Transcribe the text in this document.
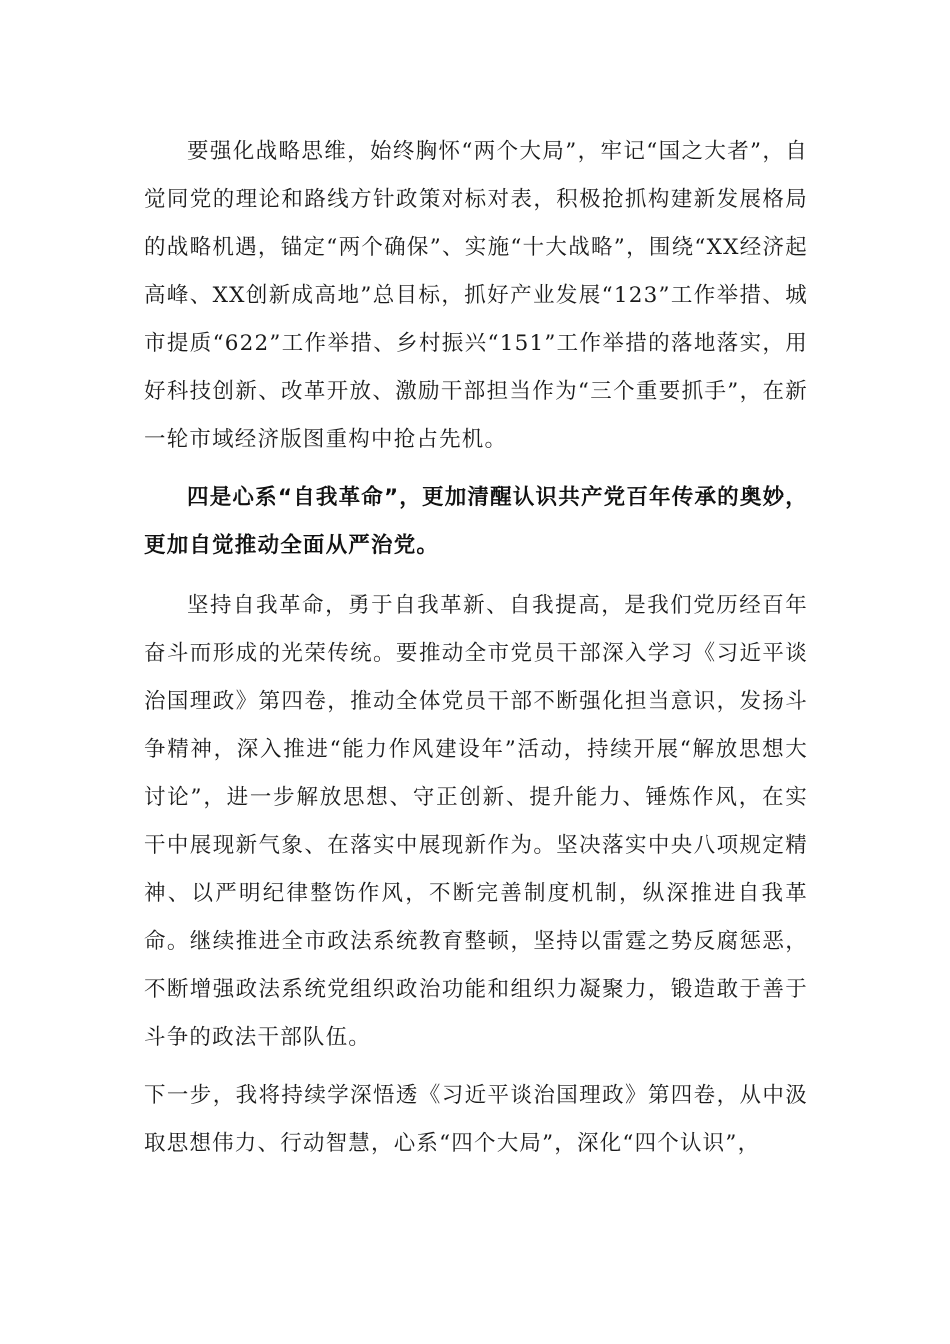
要强化战略思维，始终胸怀“两个大局”，牢记“国之大者”，自觉同党的理论和路线方针政策对标对表，积极抢抓构建新发展格局的战略机遇，锚定“两个确保”、实施“十大战略”，围绕“XX经济起高峰、XX创新成高地”总目标，抓好产业发展“123”工作举措、城市提质“622”工作举措、乡村振兴“151”工作举措的落地落实，用好科技创新、改革开放、激励干部担当作为“三个重要抓手”，在新一轮市域经济版图重构中抢占先机。

四是心系“自我革命”，更加清醒认识共产党百年传承的奥妙，更加自觉推动全面从严治党。

坚持自我革命，勇于自我革新、自我提高，是我们党历经百年奋斗而形成的光荣传统。要推动全市党员干部深入学习《习近平谈治国理政》第四卷，推动全体党员干部不断强化担当意识，发扬斗争精神，深入推进“能力作风建设年”活动，持续开展“解放思想大讨论”，进一步解放思想、守正创新、提升能力、锤炼作风，在实干中展现新气象、在落实中展现新作为。坚决落实中央八项规定精神、以严明纪律整饬作风，不断完善制度机制，纵深推进自我革命。继续推进全市政法系统教育整顿，坚持以雷霆之势反腐惩恶，不断增强政法系统党组织政治功能和组织力凝聚力，锻造敢于善于斗争的政法干部队伍。

下一步，我将持续学深悟透《习近平谈治国理政》第四卷，从中汲取思想伟力、行动智慧，心系“四个大局”，深化“四个认识”，
